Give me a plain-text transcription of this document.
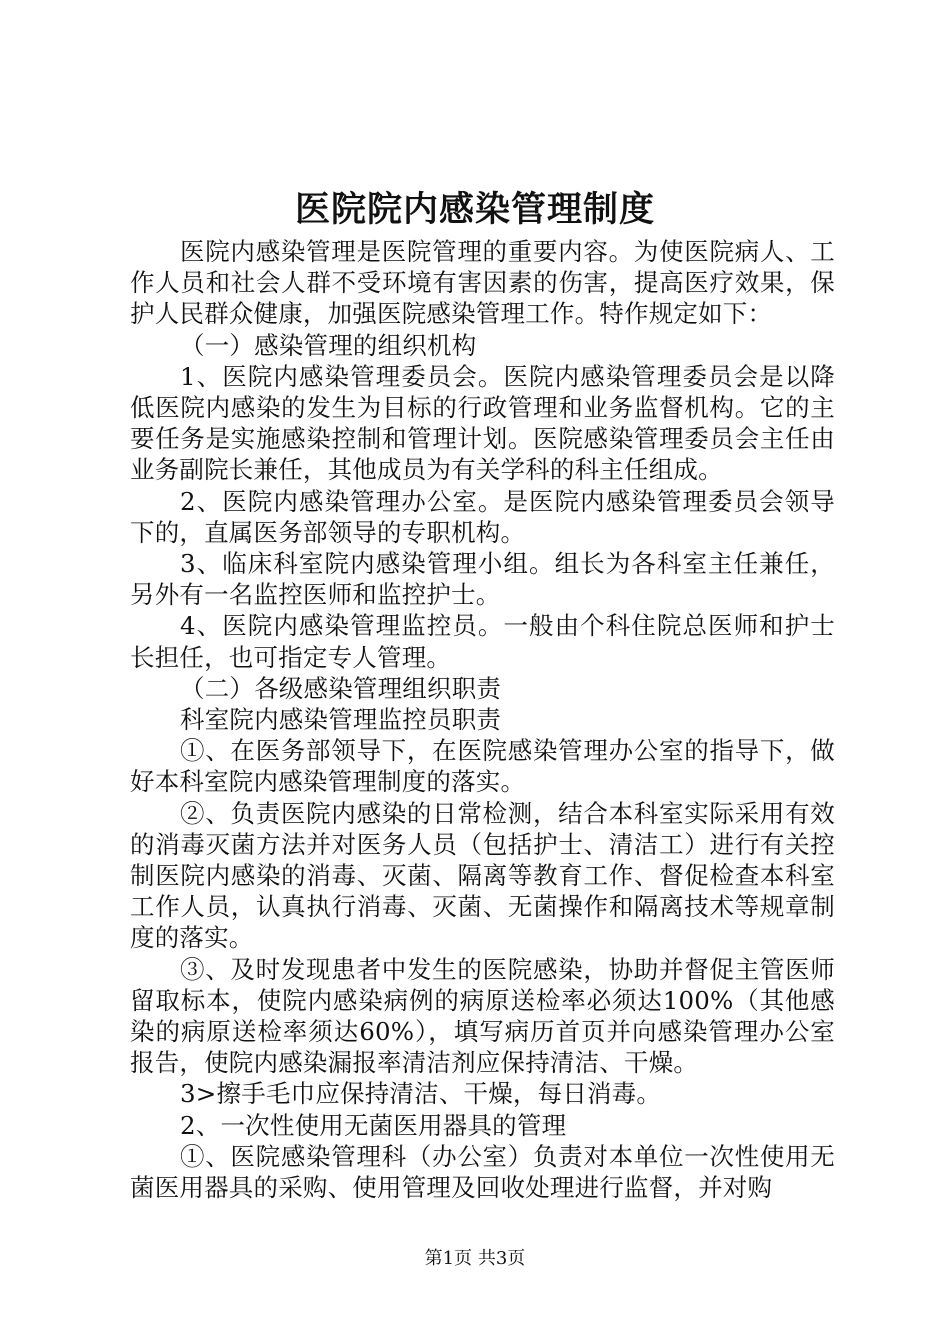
医院院内感染管理制度

医院内感染管理是医院管理的重要内容。为使医院病人、工作人员和社会人群不受环境有害因素的伤害，提高医疗效果，保护人民群众健康，加强医院感染管理工作。特作规定如下：

（一）感染管理的组织机构

1、医院内感染管理委员会。医院内感染管理委员会是以降低医院内感染的发生为目标的行政管理和业务监督机构。它的主要任务是实施感染控制和管理计划。医院感染管理委员会主任由业务副院长兼任，其他成员为有关学科的科主任组成。

2、医院内感染管理办公室。是医院内感染管理委员会领导下的，直属医务部领导的专职机构。

3、临床科室院内感染管理小组。组长为各科室主任兼任，另外有一名监控医师和监控护士。

4、医院内感染管理监控员。一般由个科住院总医师和护士长担任，也可指定专人管理。

（二）各级感染管理组织职责

科室院内感染管理监控员职责

①、在医务部领导下，在医院感染管理办公室的指导下，做好本科室院内感染管理制度的落实。

②、负责医院内感染的日常检测，结合本科室实际采用有效的消毒灭菌方法并对医务人员（包括护士、清洁工）进行有关控制医院内感染的消毒、灭菌、隔离等教育工作、督促检查本科室工作人员，认真执行消毒、灭菌、无菌操作和隔离技术等规章制度的落实。

③、及时发现患者中发生的医院感染，协助并督促主管医师留取标本，使院内感染病例的病原送检率必须达100%（其他感染的病原送检率须达60%），填写病历首页并向感染管理办公室报告，使院内感染漏报率清洁剂应保持清洁、干燥。

3>擦手毛巾应保持清洁、干燥，每日消毒。

2、一次性使用无菌医用器具的管理

①、医院感染管理科（办公室）负责对本单位一次性使用无菌医用器具的采购、使用管理及回收处理进行监督，并对购

第1页 共3页
